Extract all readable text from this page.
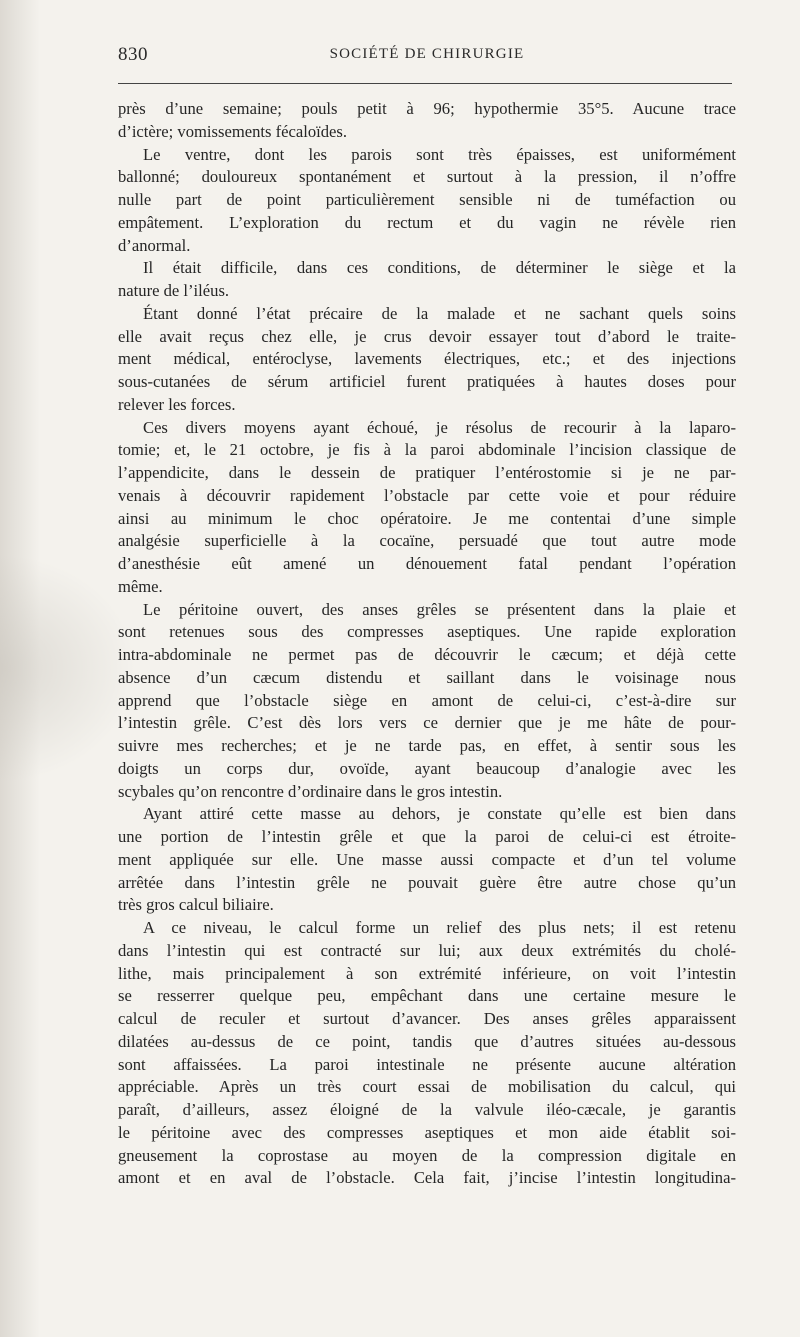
830	SOCIÉTÉ DE CHIRURGIE
près d’une semaine; pouls petit à 96; hypothermie 35°5. Aucune trace
d’ictère; vomissements fécaloïdes.
Le ventre, dont les parois sont très épaisses, est uniformément
ballonné; douloureux spontanément et surtout à la pression, il n’offre
nulle part de point particulièrement sensible ni de tuméfaction ou
empâtement. L’exploration du rectum et du vagin ne révèle rien
d’anormal.
Il était difficile, dans ces conditions, de déterminer le siège et la
nature de l’iléus.
Étant donné l’état précaire de la malade et ne sachant quels soins
elle avait reçus chez elle, je crus devoir essayer tout d’abord le traite-
ment médical, entéroclyse, lavements électriques, etc.; et des injections
sous-cutanées de sérum artificiel furent pratiquées à hautes doses pour
relever les forces.
Ces divers moyens ayant échoué, je résolus de recourir à la laparo-
tomie; et, le 21 octobre, je fis à la paroi abdominale l’incision classique de
l’appendicite, dans le dessein de pratiquer l’entérostomie si je ne par-
venais à découvrir rapidement l’obstacle par cette voie et pour réduire
ainsi au minimum le choc opératoire. Je me contentai d’une simple
analgésie superficielle à la cocaïne, persuadé que tout autre mode
d’anesthésie eût amené un dénouement fatal pendant l’opération
même.
Le péritoine ouvert, des anses grêles se présentent dans la plaie et
sont retenues sous des compresses aseptiques. Une rapide exploration
intra-abdominale ne permet pas de découvrir le cæcum; et déjà cette
absence d’un cæcum distendu et saillant dans le voisinage nous
apprend que l’obstacle siège en amont de celui-ci, c’est-à-dire sur
l’intestin grêle. C’est dès lors vers ce dernier que je me hâte de pour-
suivre mes recherches; et je ne tarde pas, en effet, à sentir sous les
doigts un corps dur, ovoïde, ayant beaucoup d’analogie avec les
scybales qu’on rencontre d’ordinaire dans le gros intestin.
Ayant attiré cette masse au dehors, je constate qu’elle est bien dans
une portion de l’intestin grêle et que la paroi de celui-ci est étroite-
ment appliquée sur elle. Une masse aussi compacte et d’un tel volume
arrêtée dans l’intestin grêle ne pouvait guère être autre chose qu’un
très gros calcul biliaire.
A ce niveau, le calcul forme un relief des plus nets; il est retenu
dans l’intestin qui est contracté sur lui; aux deux extrémités du cholé-
lithe, mais principalement à son extrémité inférieure, on voit l’intestin
se resserrer quelque peu, empêchant dans une certaine mesure le
calcul de reculer et surtout d’avancer. Des anses grêles apparaissent
dilatées au-dessus de ce point, tandis que d’autres situées au-dessous
sont affaissées. La paroi intestinale ne présente aucune altération
appréciable. Après un très court essai de mobilisation du calcul, qui
paraît, d’ailleurs, assez éloigné de la valvule iléo-cæcale, je garantis
le péritoine avec des compresses aseptiques et mon aide établit soi-
gneusement la coprostase au moyen de la compression digitale en
amont et en aval de l’obstacle. Cela fait, j’incise l’intestin longitudina-
